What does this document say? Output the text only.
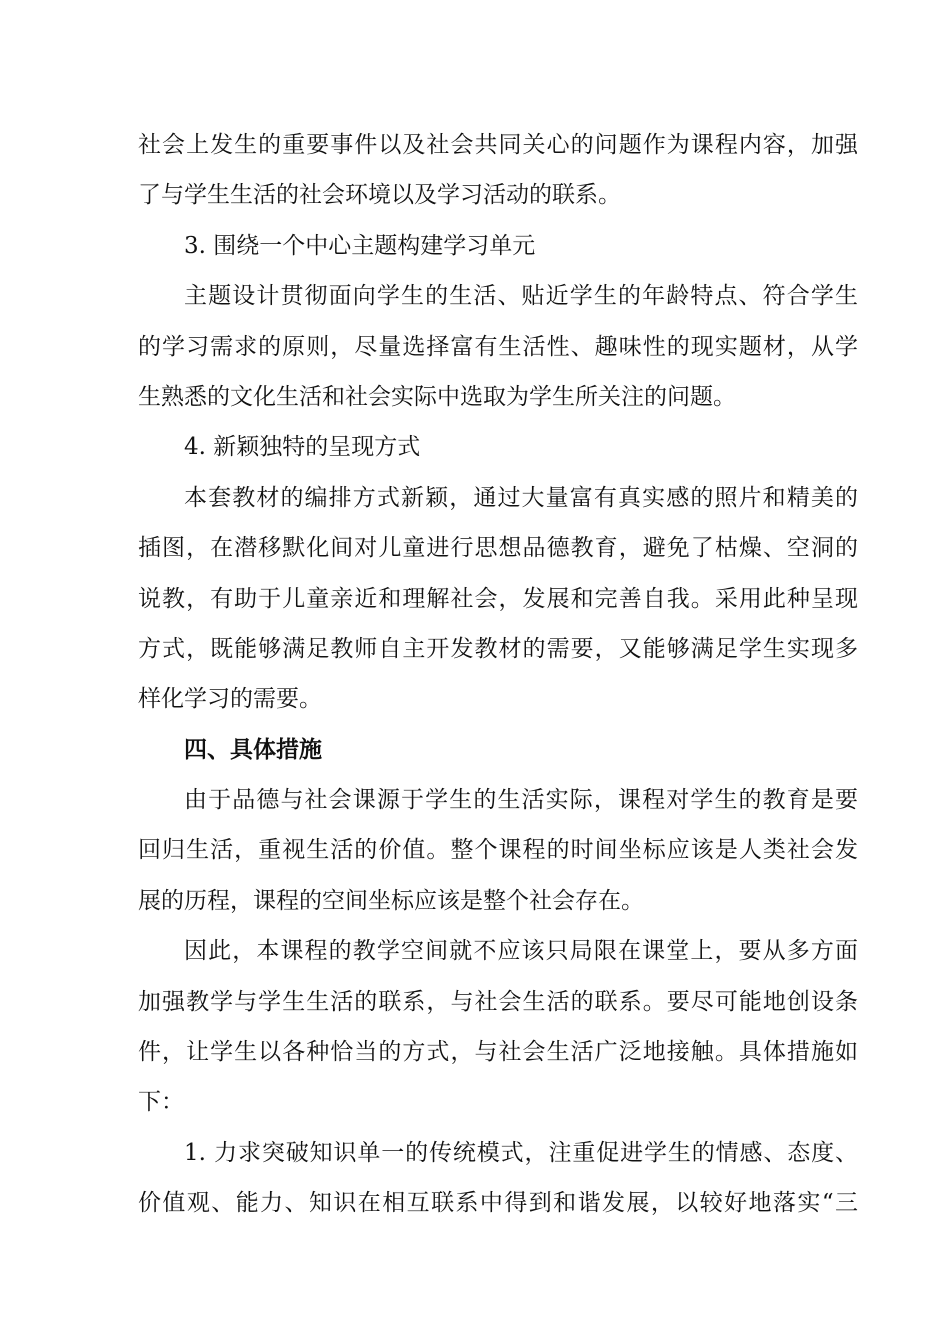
社会上发生的重要事件以及社会共同关心的问题作为课程内容，加强
了与学生生活的社会环境以及学习活动的联系。
3. 围绕一个中心主题构建学习单元
主题设计贯彻面向学生的生活、贴近学生的年龄特点、符合学生
的学习需求的原则，尽量选择富有生活性、趣味性的现实题材，从学
生熟悉的文化生活和社会实际中选取为学生所关注的问题。
4. 新颖独特的呈现方式
本套教材的编排方式新颖，通过大量富有真实感的照片和精美的
插图，在潜移默化间对儿童进行思想品德教育，避免了枯燥、空洞的
说教，有助于儿童亲近和理解社会，发展和完善自我。采用此种呈现
方式，既能够满足教师自主开发教材的需要，又能够满足学生实现多
样化学习的需要。
四、具体措施
由于品德与社会课源于学生的生活实际，课程对学生的教育是要
回归生活，重视生活的价值。整个课程的时间坐标应该是人类社会发
展的历程，课程的空间坐标应该是整个社会存在。
因此，本课程的教学空间就不应该只局限在课堂上，要从多方面
加强教学与学生生活的联系，与社会生活的联系。要尽可能地创设条
件，让学生以各种恰当的方式，与社会生活广泛地接触。具体措施如
下：
1. 力求突破知识单一的传统模式，注重促进学生的情感、态度、
价值观、能力、知识在相互联系中得到和谐发展，以较好地落实“三
